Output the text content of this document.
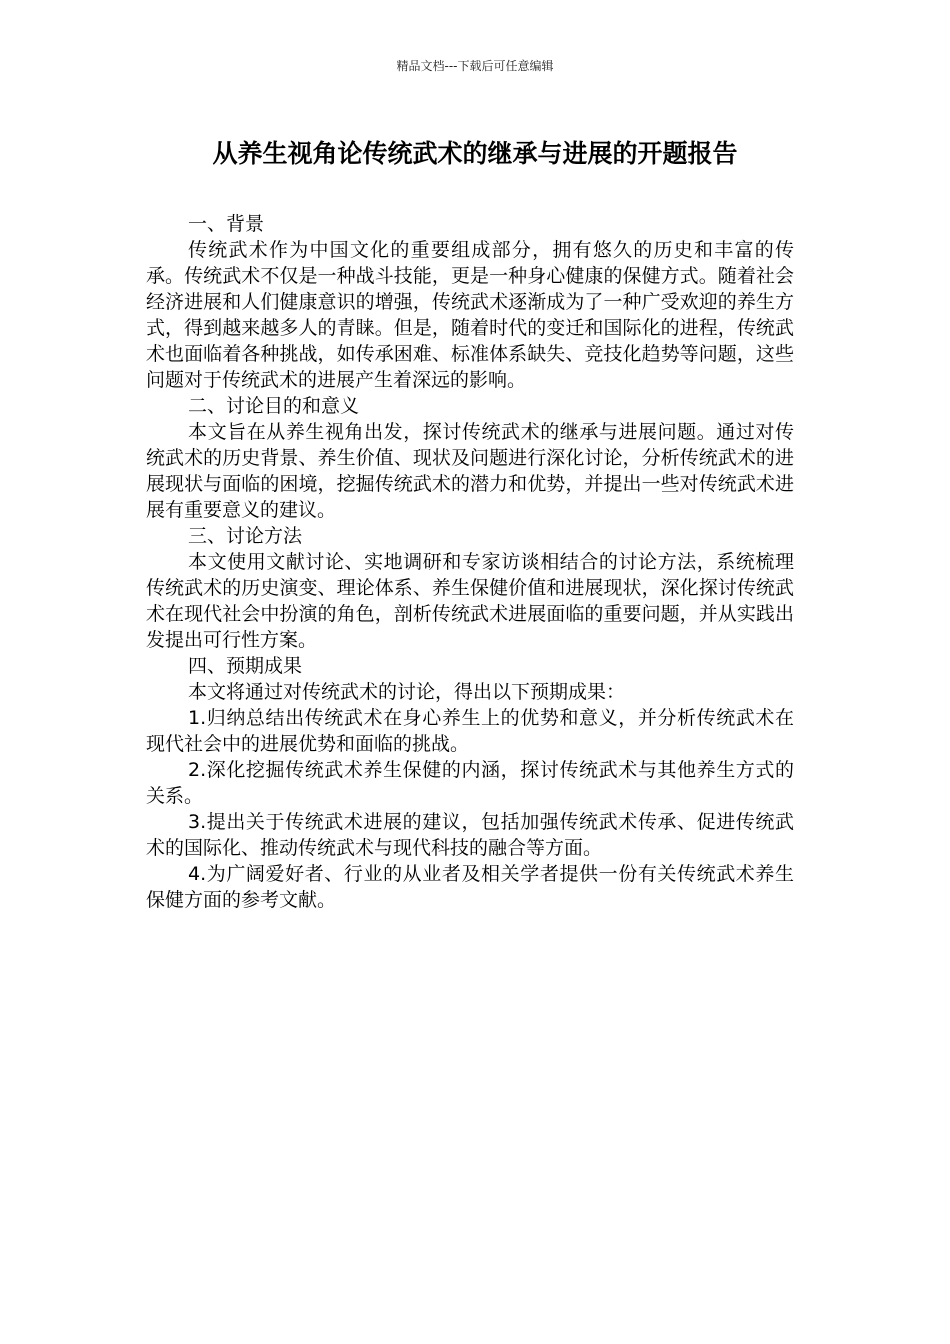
精品文档---下载后可任意编辑
从养生视角论传统武术的继承与进展的开题报告

一、背景

传统武术作为中国文化的重要组成部分，拥有悠久的历史和丰富的传承。传统武术不仅是一种战斗技能，更是一种身心健康的保健方式。随着社会经济进展和人们健康意识的增强，传统武术逐渐成为了一种广受欢迎的养生方式，得到越来越多人的青睐。但是，随着时代的变迁和国际化的进程，传统武术也面临着各种挑战，如传承困难、标准体系缺失、竞技化趋势等问题，这些问题对于传统武术的进展产生着深远的影响。

二、讨论目的和意义

本文旨在从养生视角出发，探讨传统武术的继承与进展问题。通过对传统武术的历史背景、养生价值、现状及问题进行深化讨论，分析传统武术的进展现状与面临的困境，挖掘传统武术的潜力和优势，并提出一些对传统武术进展有重要意义的建议。

三、讨论方法

本文使用文献讨论、实地调研和专家访谈相结合的讨论方法，系统梳理传统武术的历史演变、理论体系、养生保健价值和进展现状，深化探讨传统武术在现代社会中扮演的角色，剖析传统武术进展面临的重要问题，并从实践出发提出可行性方案。

四、预期成果

本文将通过对传统武术的讨论，得出以下预期成果：

1.归纳总结出传统武术在身心养生上的优势和意义，并分析传统武术在现代社会中的进展优势和面临的挑战。

2.深化挖掘传统武术养生保健的内涵，探讨传统武术与其他养生方式的关系。

3.提出关于传统武术进展的建议，包括加强传统武术传承、促进传统武术的国际化、推动传统武术与现代科技的融合等方面。

4.为广阔爱好者、行业的从业者及相关学者提供一份有关传统武术养生保健方面的参考文献。
